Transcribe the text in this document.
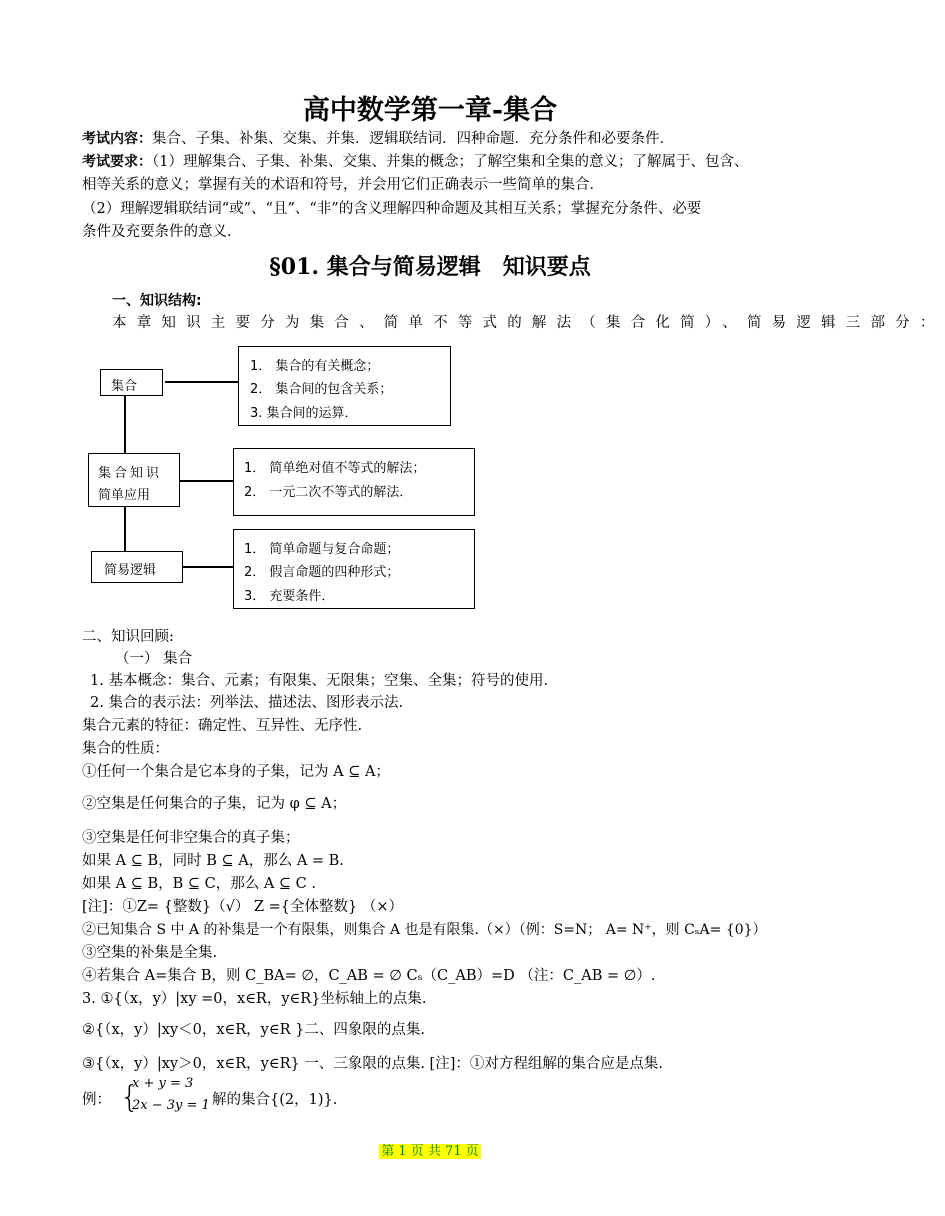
高中数学第一章-集合
考试内容：集合、子集、补集、交集、并集．逻辑联结词．四种命题．充分条件和必要条件．
考试要求：（1）理解集合、子集、补集、交集、并集的概念；了解空集和全集的意义；了解属于、包含、
相等关系的意义；掌握有关的术语和符号，并会用它们正确表示一些简单的集合．
（2）理解逻辑联结词“或”、“且”、“非”的含义理解四种命题及其相互关系；掌握充分条件、必要
条件及充要条件的意义．
§01. 集合与简易逻辑　知识要点
一、知识结构:
本章知识主要分为集合、简单不等式的解法（集合化简）、简易逻辑三部分：
集合
集合知识
简单应用
简易逻辑
1． 集合的有关概念；
2． 集合间的包含关系；
3. 集合间的运算．
1． 简单绝对值不等式的解法；
2． 一元二次不等式的解法．
1． 简单命题与复合命题；
2． 假言命题的四种形式；
3． 充要条件．
二、知识回顾:
（一） 集合
1. 基本概念：集合、元素；有限集、无限集；空集、全集；符号的使用.
2. 集合的表示法：列举法、描述法、图形表示法.
集合元素的特征：确定性、互异性、无序性.
集合的性质：
①任何一个集合是它本身的子集，记为 A ⊆ A；
②空集是任何集合的子集，记为 φ ⊆ A；
③空集是任何非空集合的真子集；
如果 A ⊆ B，同时 B ⊆ A，那么 A = B.
如果 A ⊆ B，B ⊆ C，那么 A ⊆ C .
[注]：①Z= {整数}（√） Z ={全体整数} （×）
②已知集合 S 中 A 的补集是一个有限集，则集合 A 也是有限集.（×）（例：S=N； A= N⁺，则 CₛA= {0}）
③空集的补集是全集.
④若集合 A=集合 B，则 C_BA= ∅，C_AB = ∅ Cₛ（C_AB）=D （注：C_AB = ∅）.
3. ①{（x，y）|xy =0，x∈R，y∈R}坐标轴上的点集.
②{（x，y）|xy＜0，x∈R，y∈R }二、四象限的点集.
③{（x，y）|xy＞0，x∈R，y∈R} 一、三象限的点集. [注]：①对方程组解的集合应是点集.
例： {
x + y = 3
2x − 3y = 1 解的集合{(2，1)}.
第 1 页 共 71 页
